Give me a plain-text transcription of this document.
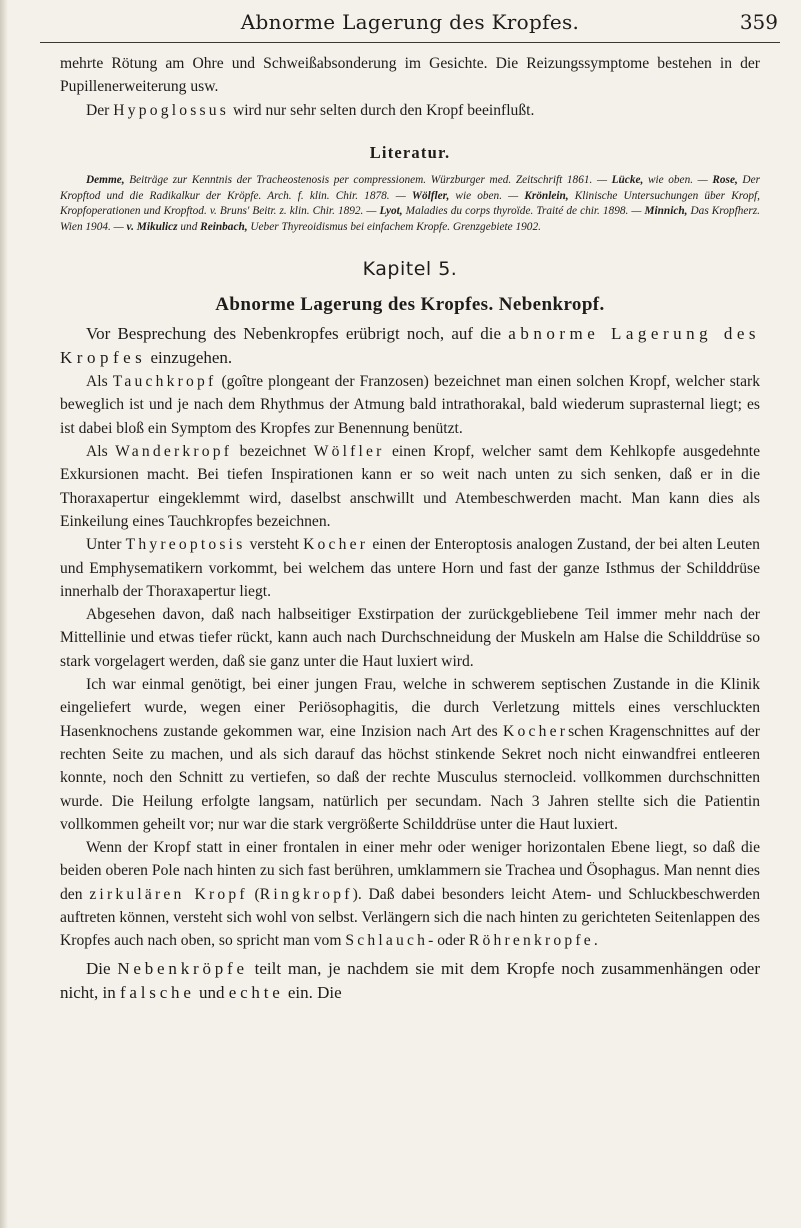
Abnorme Lagerung des Kropfes.	359

mehrte Rötung am Ohre und Schweißabsonderung im Gesichte. Die Reizungssymptome bestehen in der Pupillenerweiterung usw.

Der Hypoglossus wird nur sehr selten durch den Kropf beeinflußt.

Literatur.

Demme, Beiträge zur Kenntnis der Tracheostenosis per compressionem. Würzburger med. Zeitschrift 1861. — Lücke, wie oben. — Rose, Der Kropftod und die Radikalkur der Kröpfe. Arch. f. klin. Chir. 1878. — Wölfler, wie oben. — Krönlein, Klinische Untersuchungen über Kropf, Kropfoperationen und Kropftod. v. Bruns' Beitr. z. klin. Chir. 1892. — Lyot, Maladies du corps thyroïde. Traité de chir. 1898. — Minnich, Das Kropfherz. Wien 1904. — v. Mikulicz und Reinbach, Ueber Thyreoidismus bei einfachem Kropfe. Grenzgebiete 1902.

Kapitel 5.

Abnorme Lagerung des Kropfes. Nebenkropf.

Vor Besprechung des Nebenkropfes erübrigt noch, auf die abnorme Lagerung des Kropfes einzugehen.

Als Tauchkropf (goître plongeant der Franzosen) bezeichnet man einen solchen Kropf, welcher stark beweglich ist und je nach dem Rhythmus der Atmung bald intrathorakal, bald wiederum suprasternal liegt; es ist dabei bloß ein Symptom des Kropfes zur Benennung benützt.

Als Wanderkropf bezeichnet Wölfler einen Kropf, welcher samt dem Kehlkopfe ausgedehnte Exkursionen macht. Bei tiefen Inspirationen kann er so weit nach unten zu sich senken, daß er in die Thoraxapertur eingeklemmt wird, daselbst anschwillt und Atembeschwerden macht. Man kann dies als Einkeilung eines Tauchkropfes bezeichnen.

Unter Thyreoptosis versteht Kocher einen der Enteroptosis analogen Zustand, der bei alten Leuten und Emphysematikern vorkommt, bei welchem das untere Horn und fast der ganze Isthmus der Schilddrüse innerhalb der Thoraxapertur liegt.

Abgesehen davon, daß nach halbseitiger Exstirpation der zurückgebliebene Teil immer mehr nach der Mittellinie und etwas tiefer rückt, kann auch nach Durchschneidung der Muskeln am Halse die Schilddrüse so stark vorgelagert werden, daß sie ganz unter die Haut luxiert wird.

Ich war einmal genötigt, bei einer jungen Frau, welche in schwerem septischen Zustande in die Klinik eingeliefert wurde, wegen einer Periösophagitis, die durch Verletzung mittels eines verschluckten Hasenknochens zustande gekommen war, eine Inzision nach Art des Kocherschen Kragenschnittes auf der rechten Seite zu machen, und als sich darauf das höchst stinkende Sekret noch nicht einwandfrei entleeren konnte, noch den Schnitt zu vertiefen, so daß der rechte Musculus sternocleid. vollkommen durchschnitten wurde. Die Heilung erfolgte langsam, natürlich per secundam. Nach 3 Jahren stellte sich die Patientin vollkommen geheilt vor; nur war die stark vergrößerte Schilddrüse unter die Haut luxiert.

Wenn der Kropf statt in einer frontalen in einer mehr oder weniger horizontalen Ebene liegt, so daß die beiden oberen Pole nach hinten zu sich fast berühren, umklammern sie Trachea und Ösophagus. Man nennt dies den zirkulären Kropf (Ringkropf). Daß dabei besonders leicht Atem- und Schluckbeschwerden auftreten können, versteht sich wohl von selbst. Verlängern sich die nach hinten zu gerichteten Seitenlappen des Kropfes auch nach oben, so spricht man vom Schlauch- oder Röhrenkropfe.

Die Nebenkröpfe teilt man, je nachdem sie mit dem Kropfe noch zusammenhängen oder nicht, in falsche und echte ein. Die
